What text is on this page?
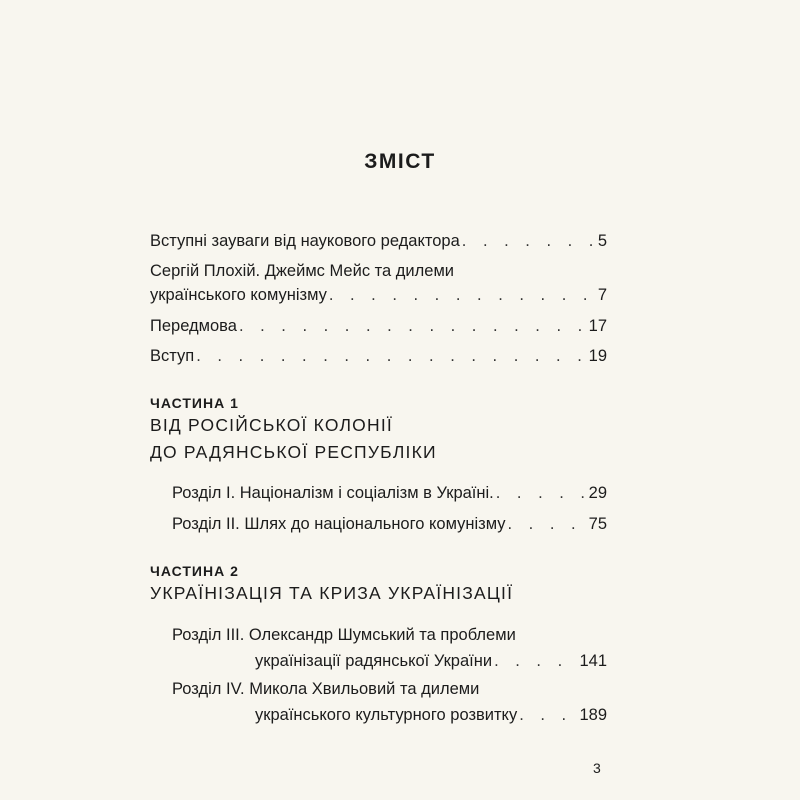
ЗМІСТ
Вступні зауваги від наукового редактора . . .	5
Сергій Плохій. Джеймс Мейс та дилеми
українського комунізму . . .	7
Передмова . . .	17
Вступ . . .	19
ЧАСТИНА 1
ВІД РОСІЙСЬКОЇ КОЛОНІЇ
ДО РАДЯНСЬКОЇ РЕСПУБЛІКИ
Розділ І. Націоналізм і соціалізм в Україні. . . .	29
Розділ ІІ. Шлях до національного комунізму . . .	75
ЧАСТИНА 2
УКРАЇНІЗАЦІЯ ТА КРИЗА УКРАЇНІЗАЦІЇ
Розділ ІІІ. Олександр Шумський та проблеми
українізації радянської України . . .	141
Розділ IV. Микола Хвильовий та дилеми
українського культурного розвитку . . .	189
3
